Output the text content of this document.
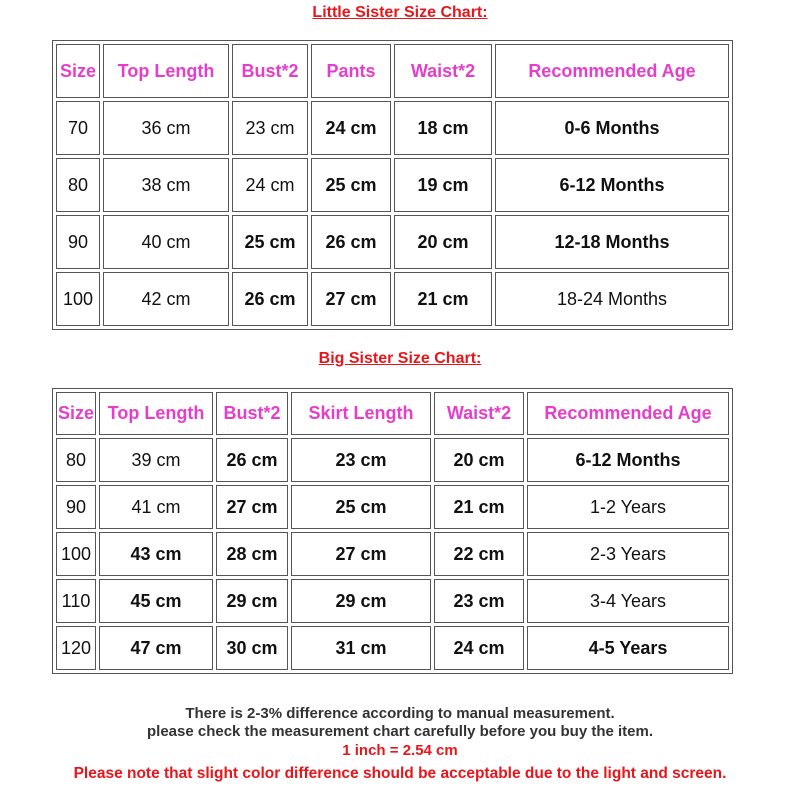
Little Sister Size Chart:
Size	Top Length	Bust*2	Pants	Waist*2	Recommended Age
70	36 cm	23 cm	24 cm	18 cm	0-6 Months
80	38 cm	24 cm	25 cm	19 cm	6-12 Months
90	40 cm	25 cm	26 cm	20 cm	12-18 Months
100	42 cm	26 cm	27 cm	21 cm	18-24 Months
Big Sister Size Chart:
Size	Top Length	Bust*2	Skirt Length	Waist*2	Recommended Age
80	39 cm	26 cm	23 cm	20 cm	6-12 Months
90	41 cm	27 cm	25 cm	21 cm	1-2 Years
100	43 cm	28 cm	27 cm	22 cm	2-3 Years
110	45 cm	29 cm	29 cm	23 cm	3-4 Years
120	47 cm	30 cm	31 cm	24 cm	4-5 Years
There is 2-3% difference according to manual measurement.
please check the measurement chart carefully before you buy the item.
1 inch = 2.54 cm
Please note that slight color difference should be acceptable due to the light and screen.
